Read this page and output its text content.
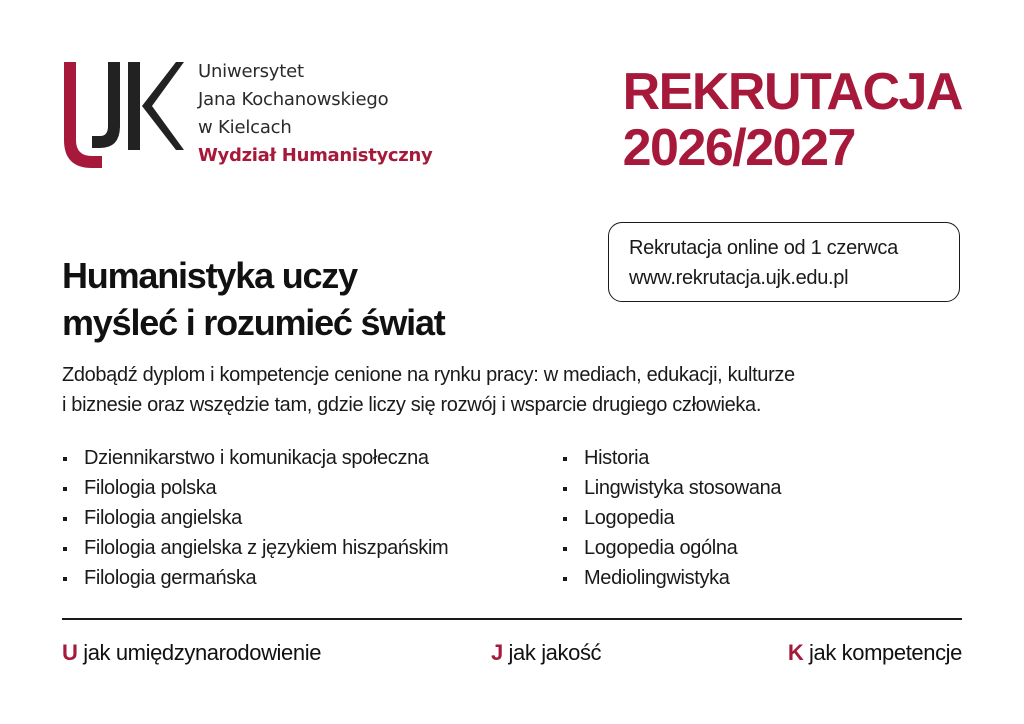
Uniwersytet
Jana Kochanowskiego
w Kielcach
Wydział Humanistyczny
REKRUTACJA
2026/2027
Rekrutacja online od 1 czerwca
www.rekrutacja.ujk.edu.pl
Humanistyka uczy
myśleć i rozumieć świat
Zdobądź dyplom i kompetencje cenione na rynku pracy: w mediach, edukacji, kulturze
i biznesie oraz wszędzie tam, gdzie liczy się rozwój i wsparcie drugiego człowieka.
Dziennikarstwo i komunikacja społeczna
Filologia polska
Filologia angielska
Filologia angielska z językiem hiszpańskim
Filologia germańska
Historia
Lingwistyka stosowana
Logopedia
Logopedia ogólna
Mediolingwistyka
U jak umiędzynarodowienie	J jak jakość	K jak kompetencje
